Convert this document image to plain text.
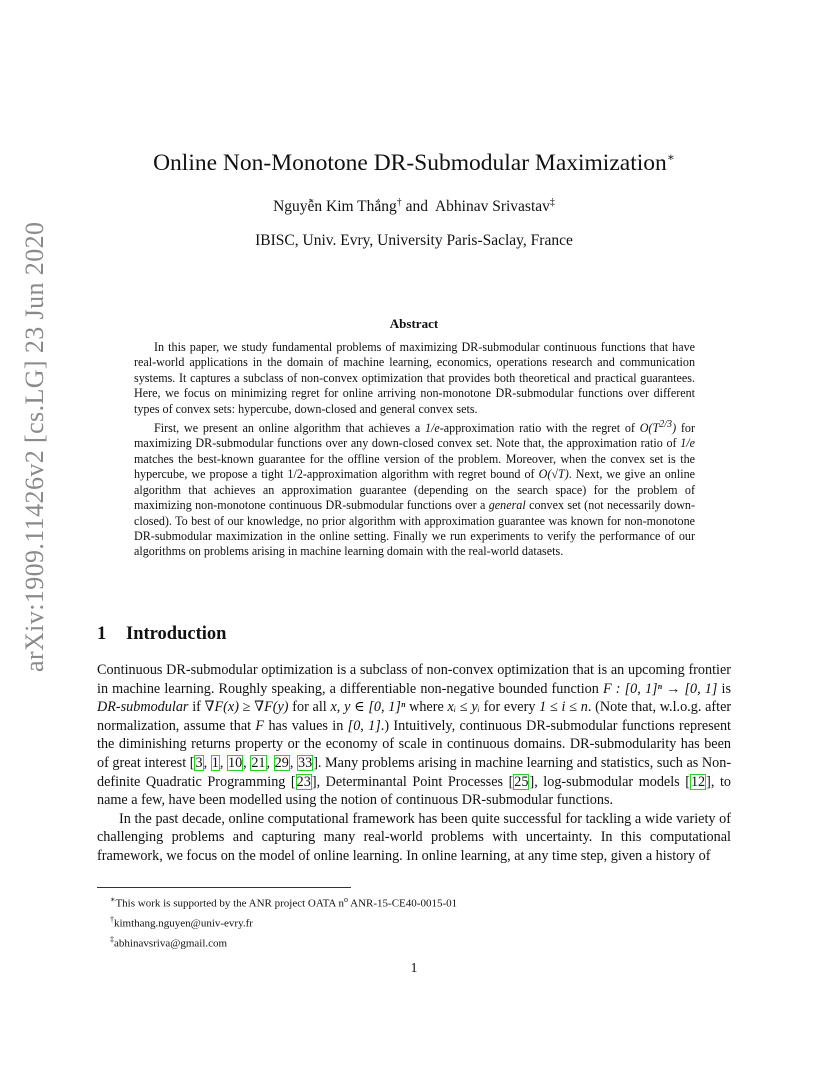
arXiv:1909.11426v2 [cs.LG] 23 Jun 2020
Online Non-Monotone DR-Submodular Maximization∗
Nguyễn Kim Thắng† and Abhinav Srivastav‡
IBISC, Univ. Evry, University Paris-Saclay, France
Abstract

In this paper, we study fundamental problems of maximizing DR-submodular continuous functions that have real-world applications in the domain of machine learning, economics, operations research and communication systems. It captures a subclass of non-convex optimization that provides both theoretical and practical guarantees. Here, we focus on minimizing regret for online arriving non-monotone DR-submodular functions over different types of convex sets: hypercube, down-closed and general convex sets.

First, we present an online algorithm that achieves a 1/e-approximation ratio with the regret of $O(T^{2/3})$ for maximizing DR-submodular functions over any down-closed convex set. Note that, the approximation ratio of 1/e matches the best-known guarantee for the offline version of the problem. Moreover, when the convex set is the hypercube, we propose a tight 1/2-approximation algorithm with regret bound of O(√T). Next, we give an online algorithm that achieves an approximation guarantee (depending on the search space) for the problem of maximizing non-monotone continuous DR-submodular functions over a general convex set (not necessarily down-closed). To best of our knowledge, no prior algorithm with approximation guarantee was known for non-monotone DR-submodular maximization in the online setting. Finally we run experiments to verify the performance of our algorithms on problems arising in machine learning domain with the real-world datasets.

1 Introduction

Continuous DR-submodular optimization is a subclass of non-convex optimization that is an upcoming frontier in machine learning. Roughly speaking, a differentiable non-negative bounded function F : [0, 1]ⁿ → [0, 1] is DR-submodular if ∇F(x) ≥ ∇F(y) for all x, y ∈ [0, 1]ⁿ where xᵢ ≤ yᵢ for every 1 ≤ i ≤ n. (Note that, w.l.o.g. after normalization, assume that F has values in [0, 1].) Intuitively, continuous DR-submodular functions represent the diminishing returns property or the economy of scale in continuous domains. DR-submodularity has been of great interest [3, 1, 10, 21, 29, 33]. Many problems arising in machine learning and statistics, such as Non-definite Quadratic Programming [23], Determinantal Point Processes [25], log-submodular models [12], to name a few, have been modelled using the notion of continuous DR-submodular functions.

In the past decade, online computational framework has been quite successful for tackling a wide variety of challenging problems and capturing many real-world problems with uncertainty. In this computational framework, we focus on the model of online learning. In online learning, at any time step, given a history of

∗This work is supported by the ANR project OATA $n^o$ ANR-15-CE40-0015-01
†kimthang.nguyen@univ-evry.fr
‡abhinavsriva@gmail.com
1
